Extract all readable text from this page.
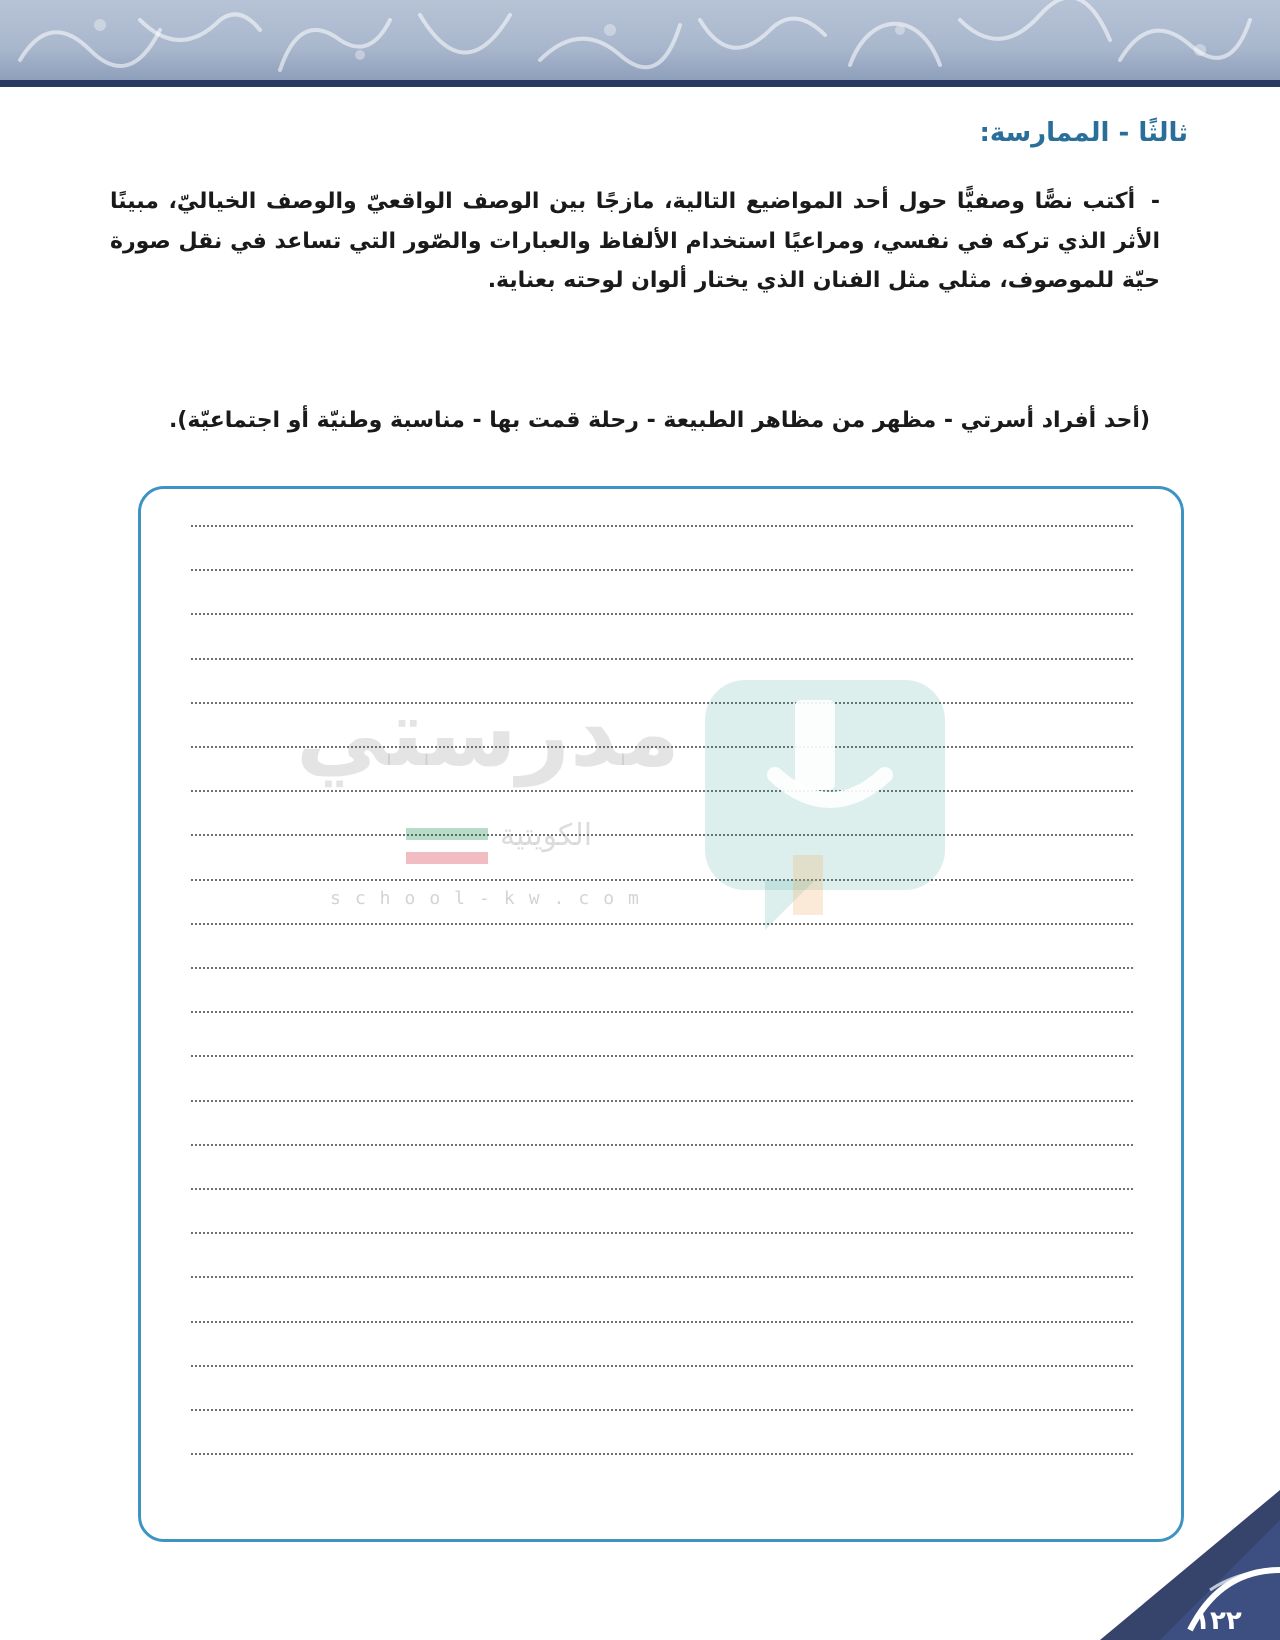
ثالثًا - الممارسة:
- أكتب نصًّا وصفيًّا حول أحد المواضيع التالية، مازجًا بين الوصف الواقعيّ والوصف الخياليّ، مبينًا الأثر الذي تركه في نفسي، ومراعيًا استخدام الألفاظ والعبارات والصّور التي تساعد في نقل صورة حيّة للموصوف، مثلي مثل الفنان الذي يختار ألوان لوحته بعناية.
(أحد أفراد أسرتي - مظهر من مظاهر الطبيعة - رحلة قمت بها - مناسبة وطنيّة أو اجتماعيّة).
مدرستي
الكويتية
school-kw.com
١٢٢
